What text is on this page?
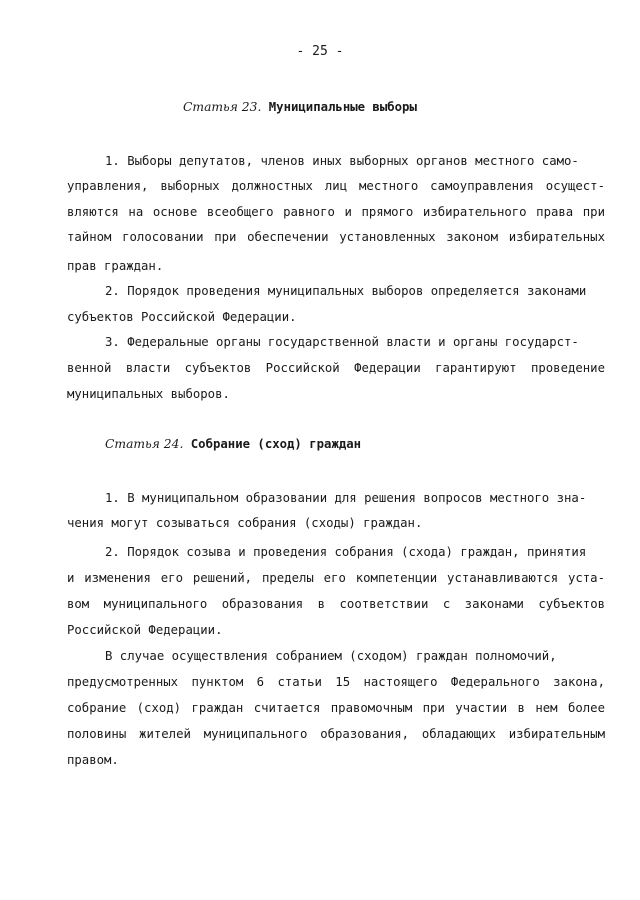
- 25 -
Статья 23. Муниципальные выборы
1. Выборы депутатов, членов иных выборных органов местного само-
управления, выборных должностных лиц местного самоуправления осущест-
вляются на основе всеобщего равного и прямого избирательного права при
тайном голосовании при обеспечении установленных законом избирательных
прав граждан.
2. Порядок проведения муниципальных выборов определяется законами
субъектов Российской Федерации.
3. Федеральные органы государственной власти и органы государст-
венной власти субъектов Российской Федерации гарантируют проведение
муниципальных выборов.
Статья 24. Собрание (сход) граждан
1. В муниципальном образовании для решения вопросов местного зна-
чения могут созываться собрания (сходы) граждан.
2. Порядок созыва и проведения собрания (схода) граждан, принятия
и изменения его решений, пределы его компетенции устанавливаются уста-
вом муниципального образования в соответствии с законами субъектов
Российской Федерации.
В случае осуществления собранием (сходом) граждан полномочий,
предусмотренных пунктом 6 статьи 15 настоящего Федерального закона,
собрание (сход) граждан считается правомочным при участии в нем более
половины жителей муниципального образования, обладающих избирательным
правом.
